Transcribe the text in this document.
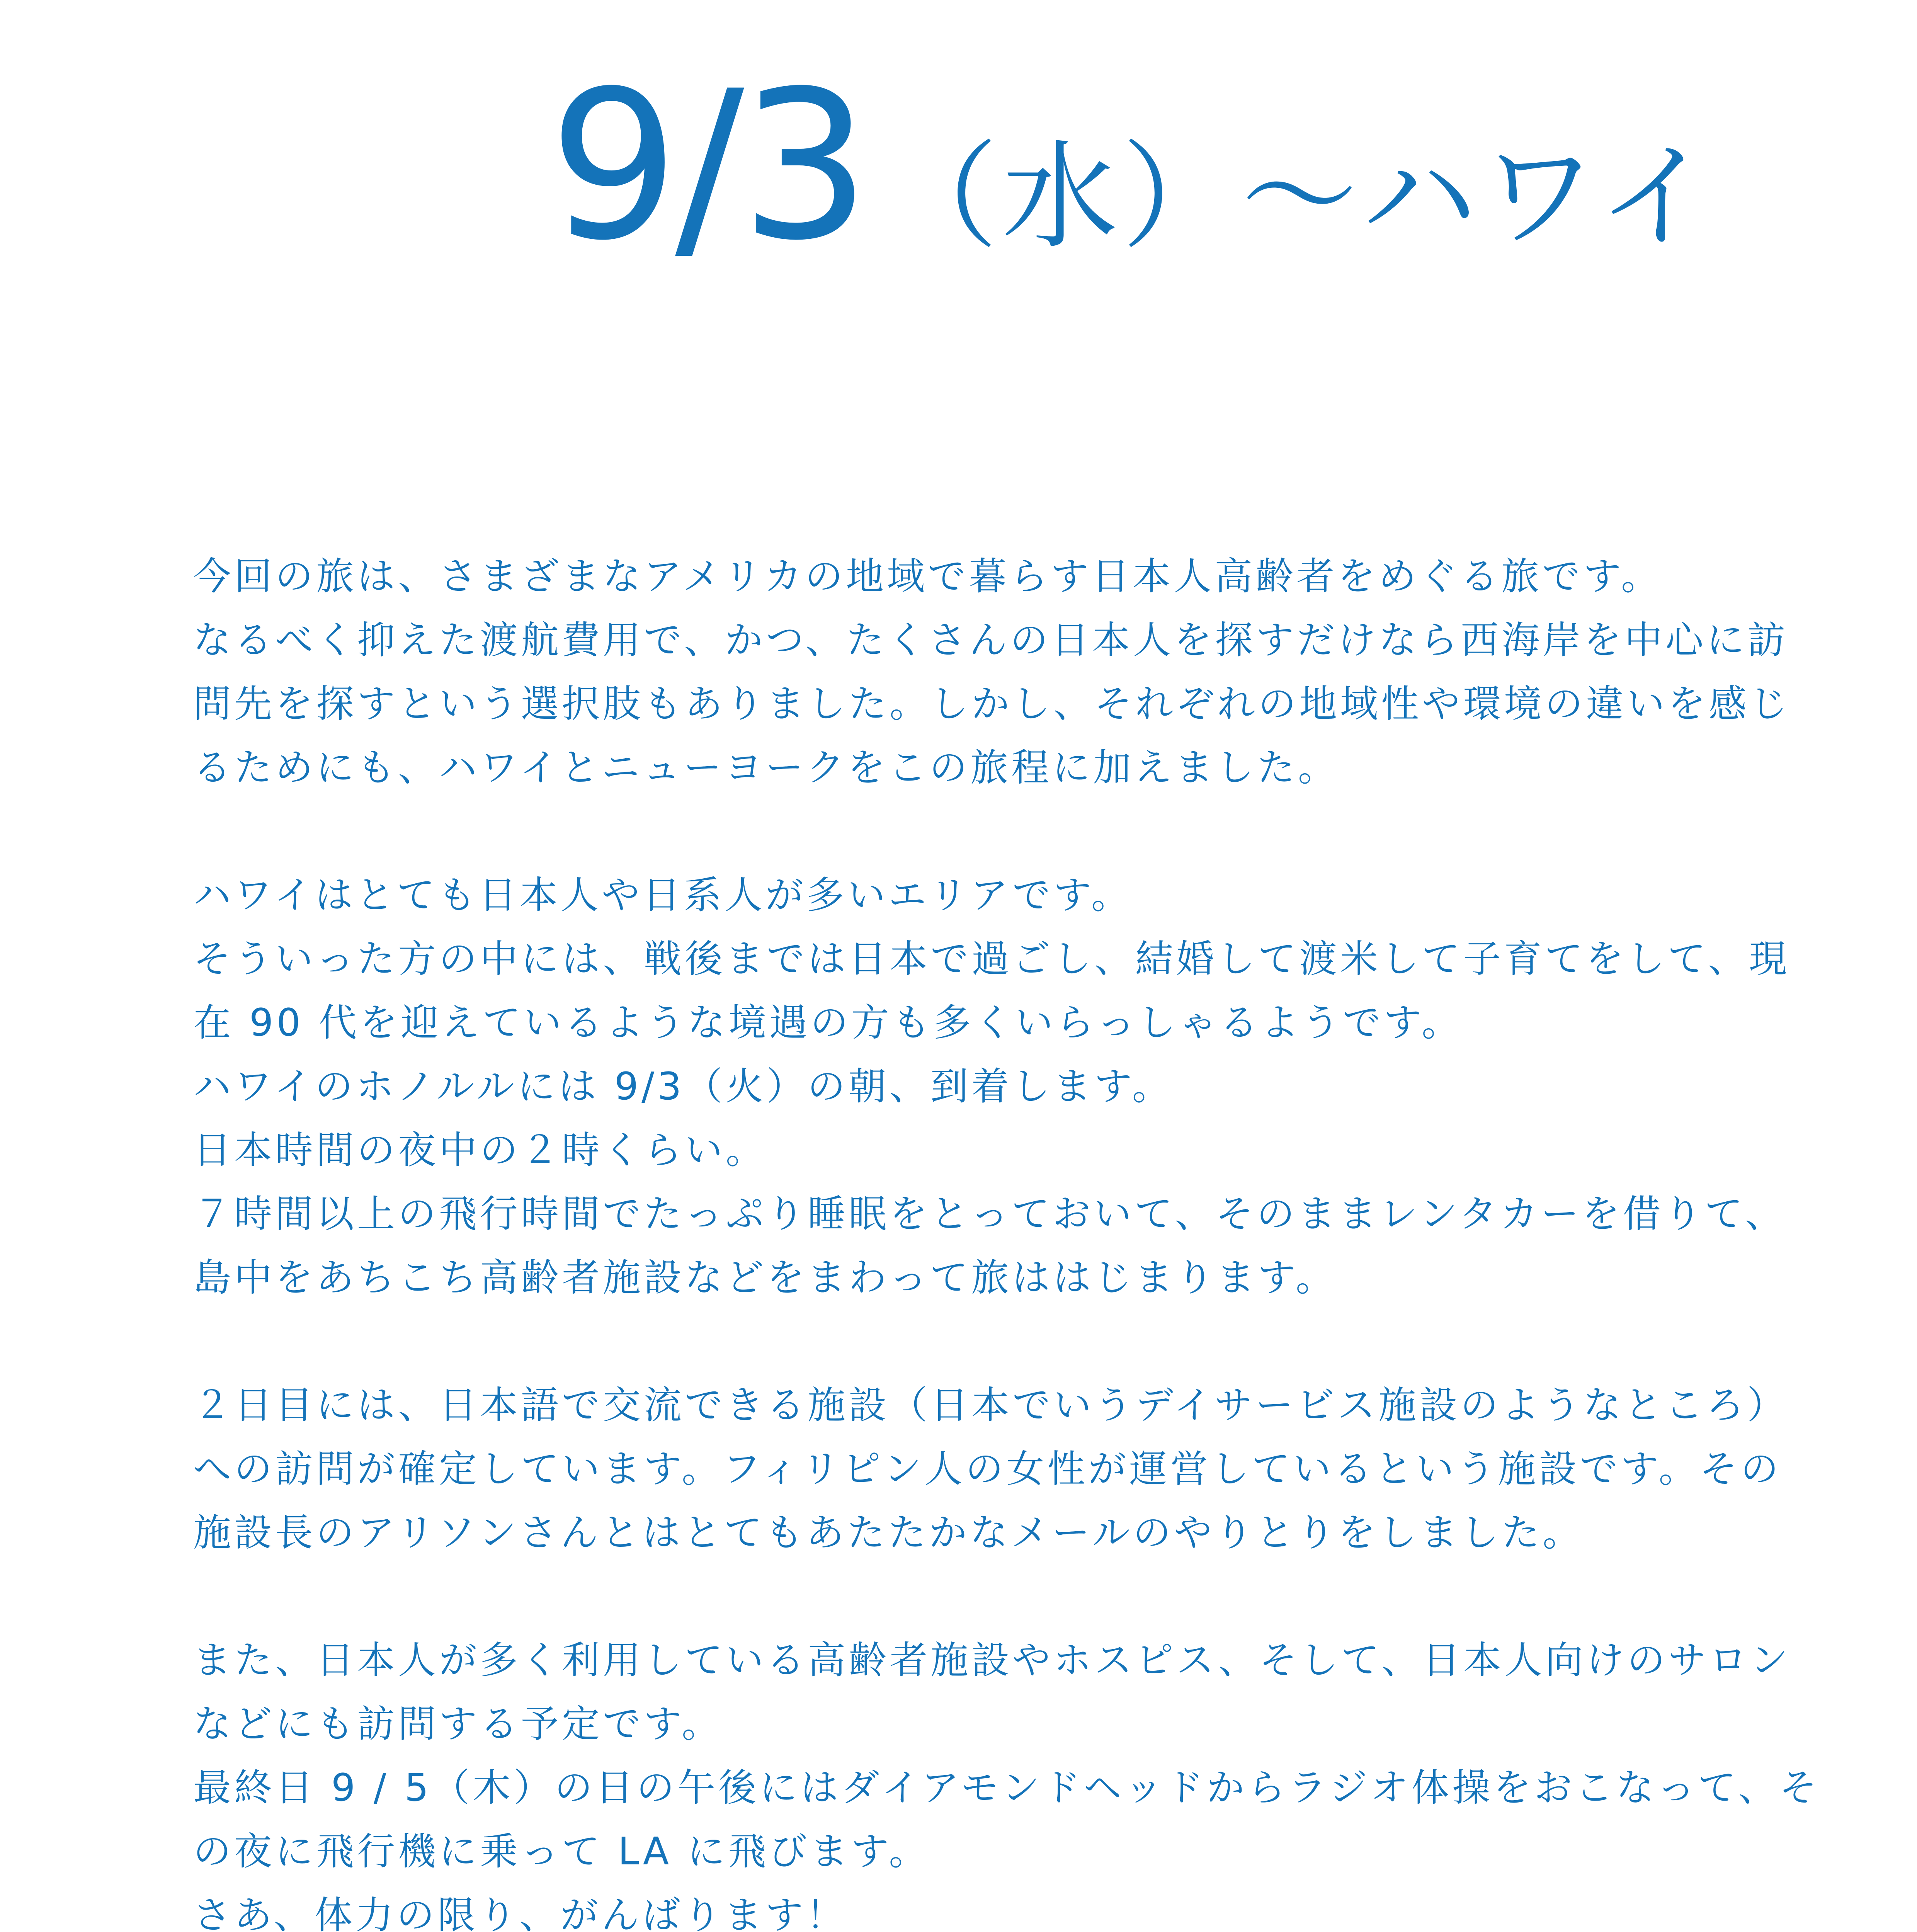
9/3 （水）〜ハワイ
今回の旅は、さまざまなアメリカの地域で暮らす日本人高齢者をめぐる旅です。
なるべく抑えた渡航費用で、かつ、たくさんの日本人を探すだけなら西海岸を中心に訪
問先を探すという選択肢もありました。しかし、それぞれの地域性や環境の違いを感じ
るためにも、ハワイとニューヨークをこの旅程に加えました。
ハワイはとても日本人や日系人が多いエリアです。
そういった方の中には、戦後までは日本で過ごし、結婚して渡米して子育てをして、現
在 90 代を迎えているような境遇の方も多くいらっしゃるようです。
ハワイのホノルルには 9/3（火）の朝、到着します。
日本時間の夜中の２時くらい。
７時間以上の飛行時間でたっぷり睡眠をとっておいて、そのままレンタカーを借りて、
島中をあちこち高齢者施設などをまわって旅ははじまります。
２日目には、日本語で交流できる施設（日本でいうデイサービス施設のようなところ）
への訪問が確定しています。フィリピン人の女性が運営しているという施設です。その
施設長のアリソンさんとはとてもあたたかなメールのやりとりをしました。
また、日本人が多く利用している高齢者施設やホスピス、そして、日本人向けのサロン
などにも訪問する予定です。
最終日 9 / 5（木）の日の午後にはダイアモンドヘッドからラジオ体操をおこなって、そ
の夜に飛行機に乗って LA に飛びます。
さあ、体力の限り、がんばります！
